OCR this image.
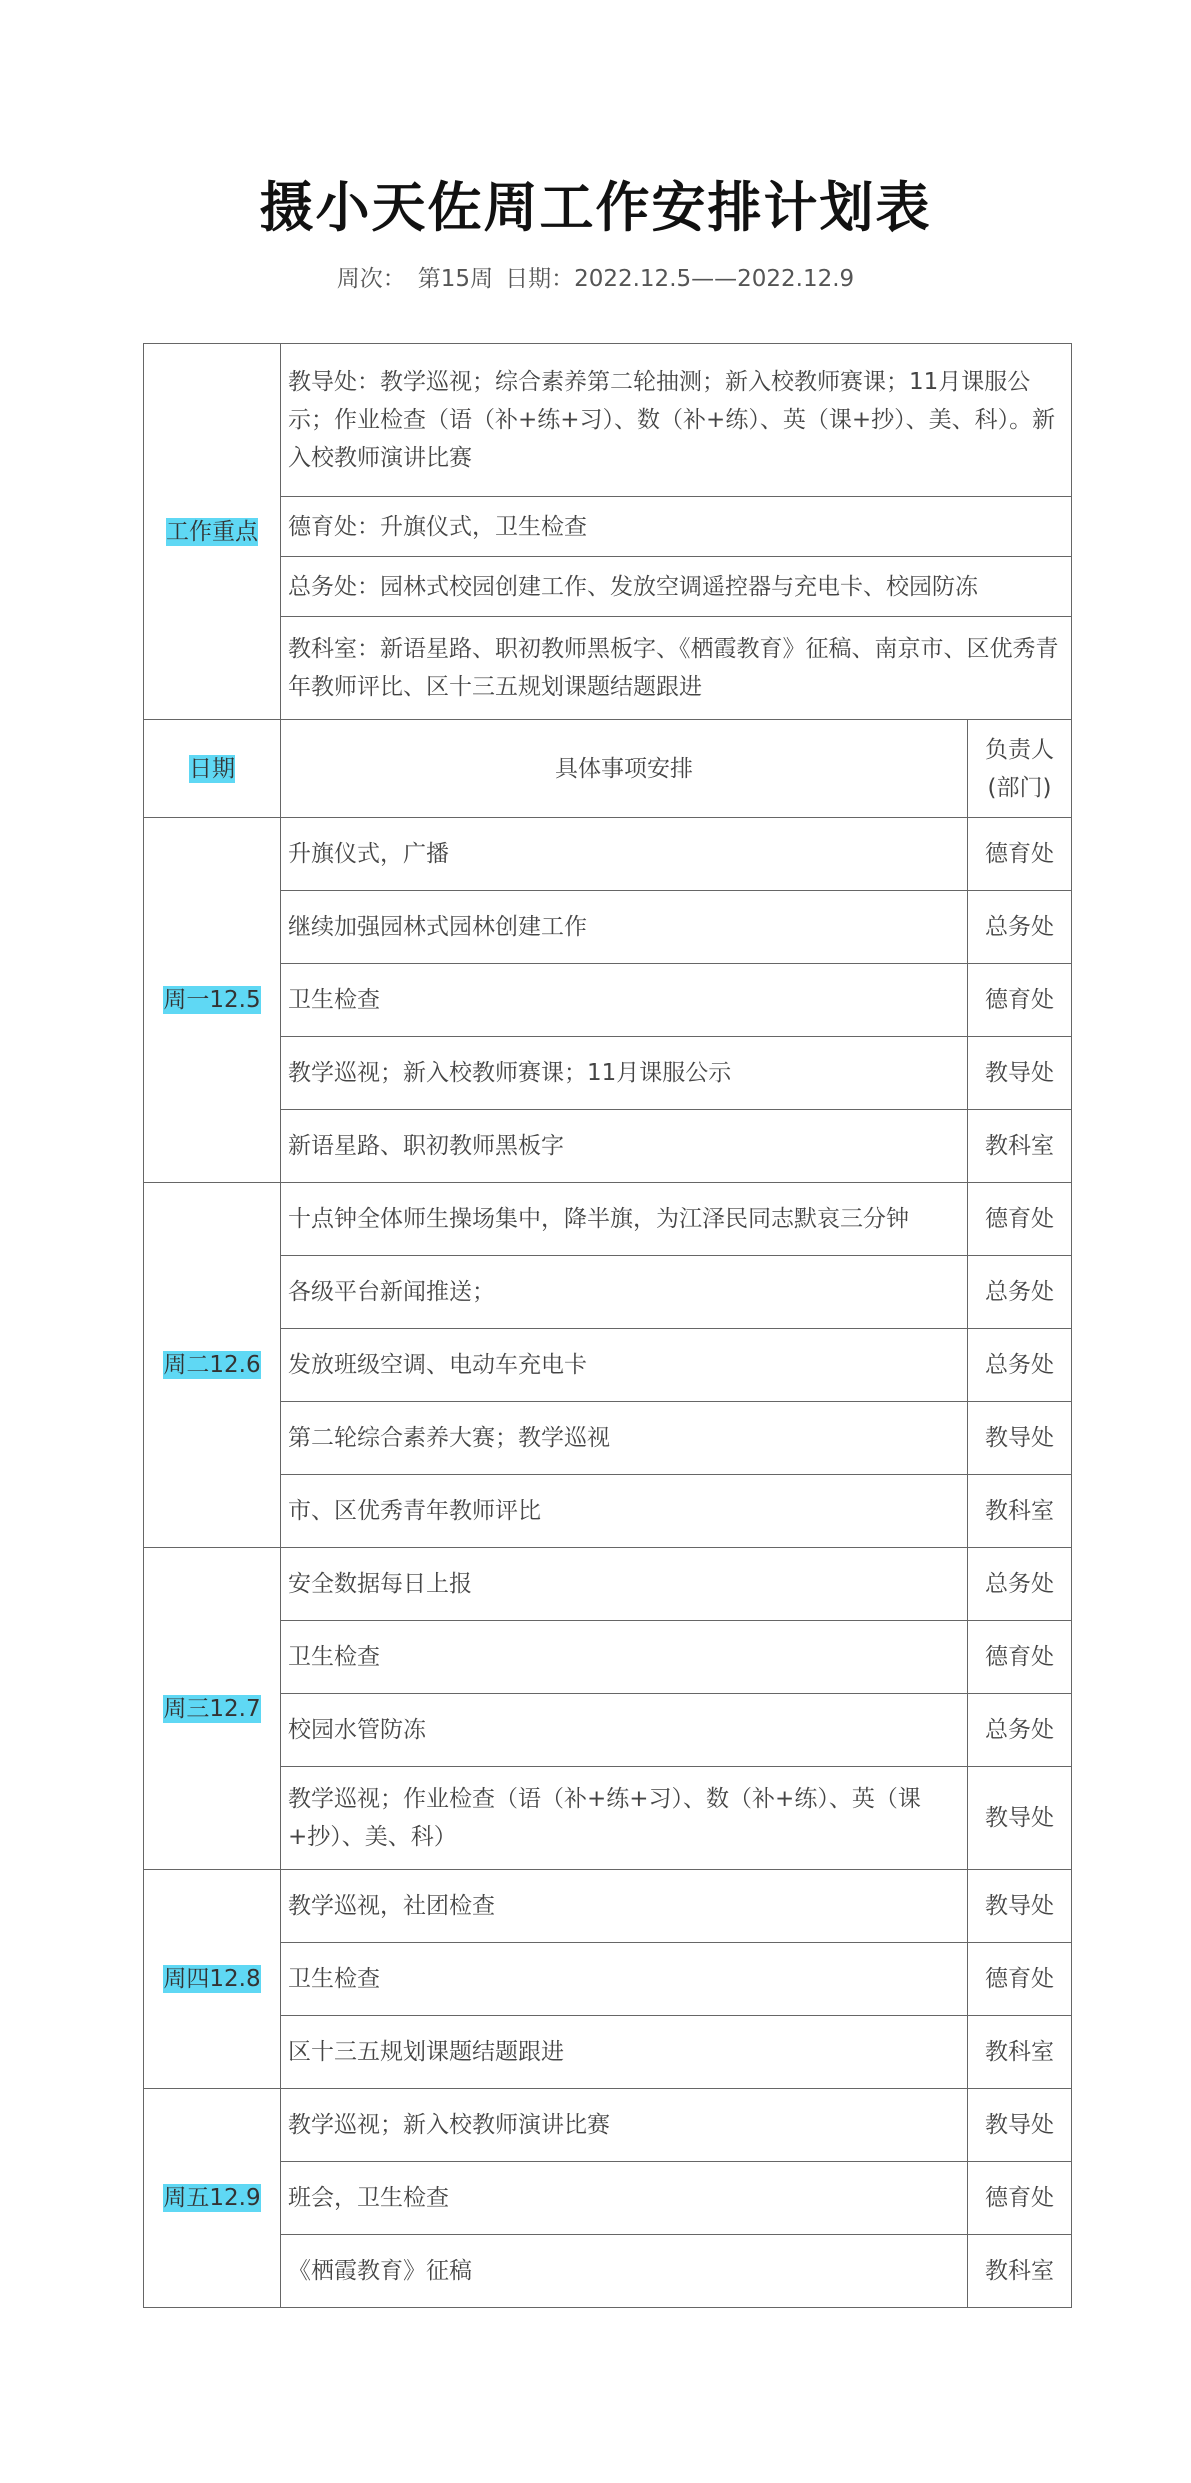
摄小天佐周工作安排计划表
周次： 第15周 日期：2022.12.5——2022.12.9
工作重点	教导处：教学巡视；综合素养第二轮抽测；新入校教师赛课；11月课服公示；作业检查（语（补+练+习）、数（补+练）、英（课+抄）、美、科）。新入校教师演讲比赛	
	德育处：升旗仪式，卫生检查	
	总务处：园林式校园创建工作、发放空调遥控器与充电卡、校园防冻	
	教科室：新语星路、职初教师黑板字、《栖霞教育》征稿、南京市、区优秀青年教师评比、区十三五规划课题结题跟进	
日期	具体事项安排	负责人
(部门)

周一12.5	升旗仪式，广播	德育处
	继续加强园林式园林创建工作	总务处
	卫生检查	德育处
	教学巡视；新入校教师赛课；11月课服公示	教导处
	新语星路、职初教师黑板字	教科室
周二12.6	十点钟全体师生操场集中，降半旗，为江泽民同志默哀三分钟	德育处
	各级平台新闻推送；	总务处
	发放班级空调、电动车充电卡	总务处
	第二轮综合素养大赛；教学巡视	教导处
	市、区优秀青年教师评比	教科室
周三12.7	安全数据每日上报	总务处
	卫生检查	德育处
	校园水管防冻	总务处
	教学巡视；作业检查（语（补+练+习）、数（补+练）、英（课+抄）、美、科）	教导处
周四12.8	教学巡视，社团检查	教导处
	卫生检查	德育处
	区十三五规划课题结题跟进	教科室
周五12.9	教学巡视；新入校教师演讲比赛	教导处
	班会，卫生检查	德育处
	《栖霞教育》征稿	教科室
